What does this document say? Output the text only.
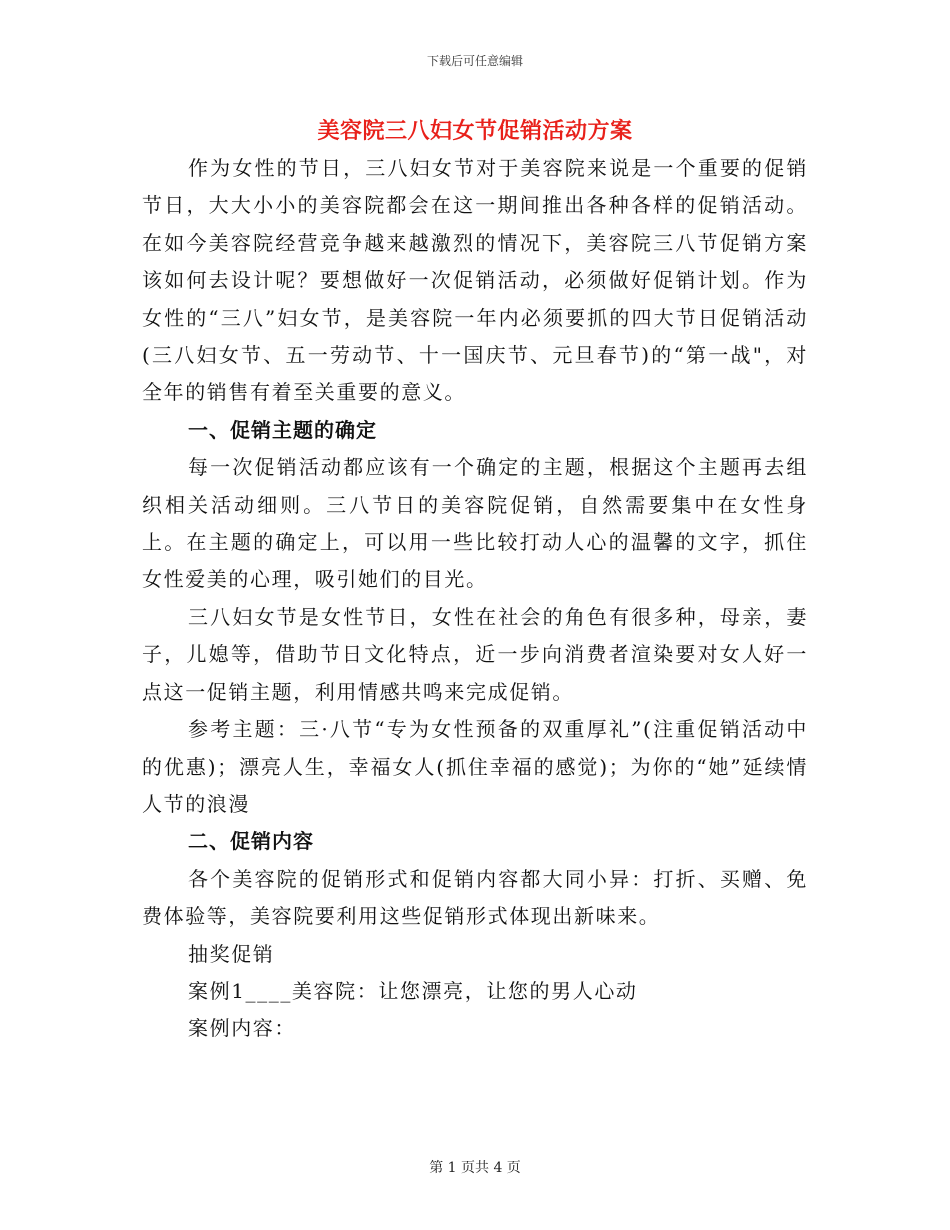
下载后可任意编辑
美容院三八妇女节促销活动方案

作为女性的节日，三八妇女节对于美容院来说是一个重要的促销节日，大大小小的美容院都会在这一期间推出各种各样的促销活动。在如今美容院经营竞争越来越激烈的情况下，美容院三八节促销方案该如何去设计呢？要想做好一次促销活动，必须做好促销计划。作为女性的“三八”妇女节，是美容院一年内必须要抓的四大节日促销活动(三八妇女节、五一劳动节、十一国庆节、元旦春节)的“第一战"，对全年的销售有着至关重要的意义。

一、促销主题的确定

每一次促销活动都应该有一个确定的主题，根据这个主题再去组织相关活动细则。三八节日的美容院促销，自然需要集中在女性身上。在主题的确定上，可以用一些比较打动人心的温馨的文字，抓住女性爱美的心理，吸引她们的目光。

三八妇女节是女性节日，女性在社会的角色有很多种，母亲，妻子，儿媳等，借助节日文化特点，近一步向消费者渲染要对女人好一点这一促销主题，利用情感共鸣来完成促销。

参考主题：三·八节“专为女性预备的双重厚礼”(注重促销活动中的优惠)；漂亮人生，幸福女人(抓住幸福的感觉)；为你的“她”延续情人节的浪漫

二、促销内容

各个美容院的促销形式和促销内容都大同小异：打折、买赠、免费体验等，美容院要利用这些促销形式体现出新味来。

抽奖促销

案例1____美容院：让您漂亮，让您的男人心动

案例内容：

第 1 页共 4 页
